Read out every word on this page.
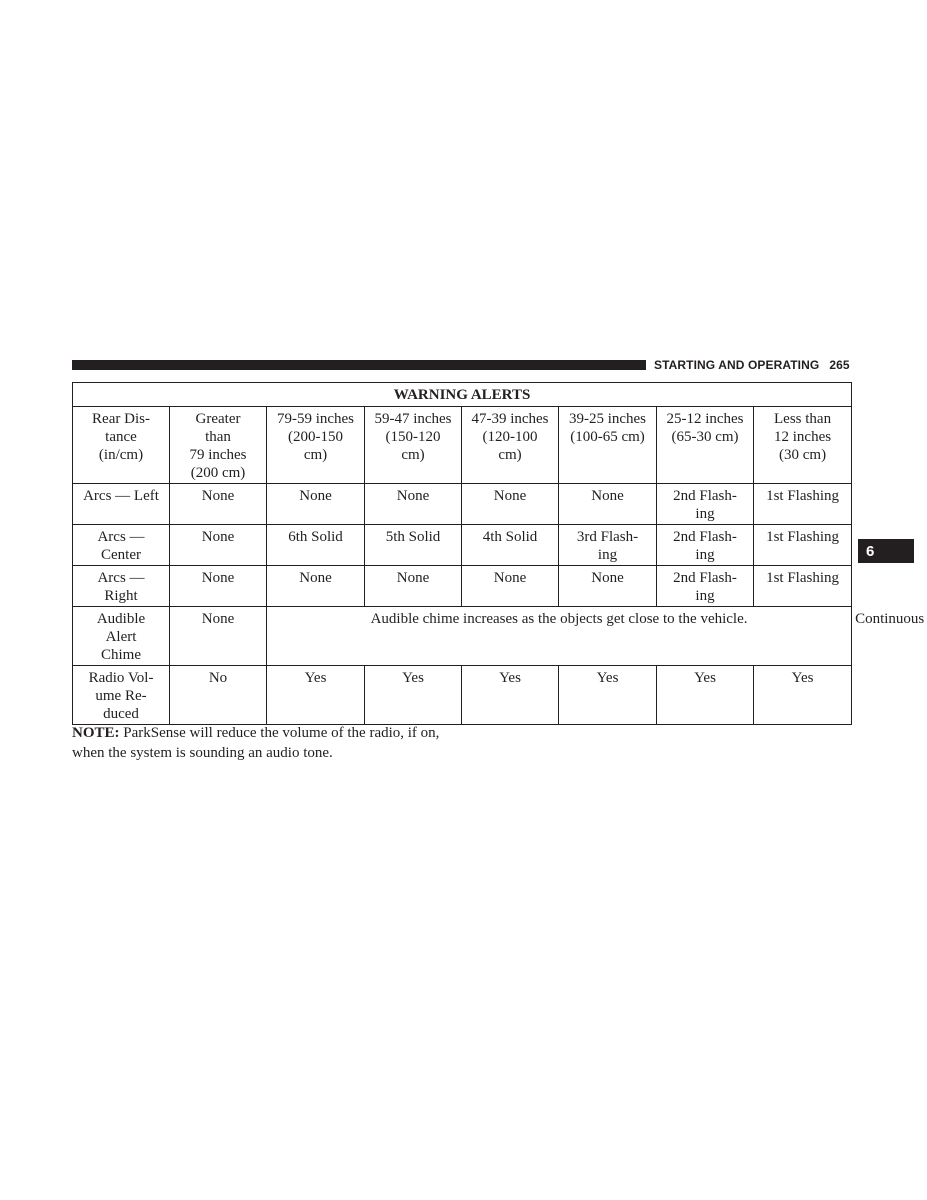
STARTING AND OPERATING 265
6
WARNING ALERTS								

Rear Dis-
tance
(in/cm)	Greater
than
79 inches
(200 cm)	79-59 inches
(200-150
cm)	59-47 inches
(150-120
cm)	47-39 inches
(120-100
cm)	39-25 inches
(100-65 cm)	25-12 inches
(65-30 cm)	Less than
12 inches
(30 cm)	

Arcs — Left	None	None	None	None	None	2nd Flash-
ing	1st Flashing	

Arcs —
Center	None	6th Solid	5th Solid	4th Solid	3rd Flash-
ing	2nd Flash-
ing	1st Flashing	

Arcs —
Right	None	None	None	None	None	2nd Flash-
ing	1st Flashing	

Audible
Alert
Chime	None	Audible chime increases as the objects get close to the vehicle.						Continuous

Radio Vol-
ume Re-
duced	No	Yes	Yes	Yes	Yes	Yes	Yes	
NOTE: ParkSense will reduce the volume of the radio, if on, when the system is sounding an audio tone.
